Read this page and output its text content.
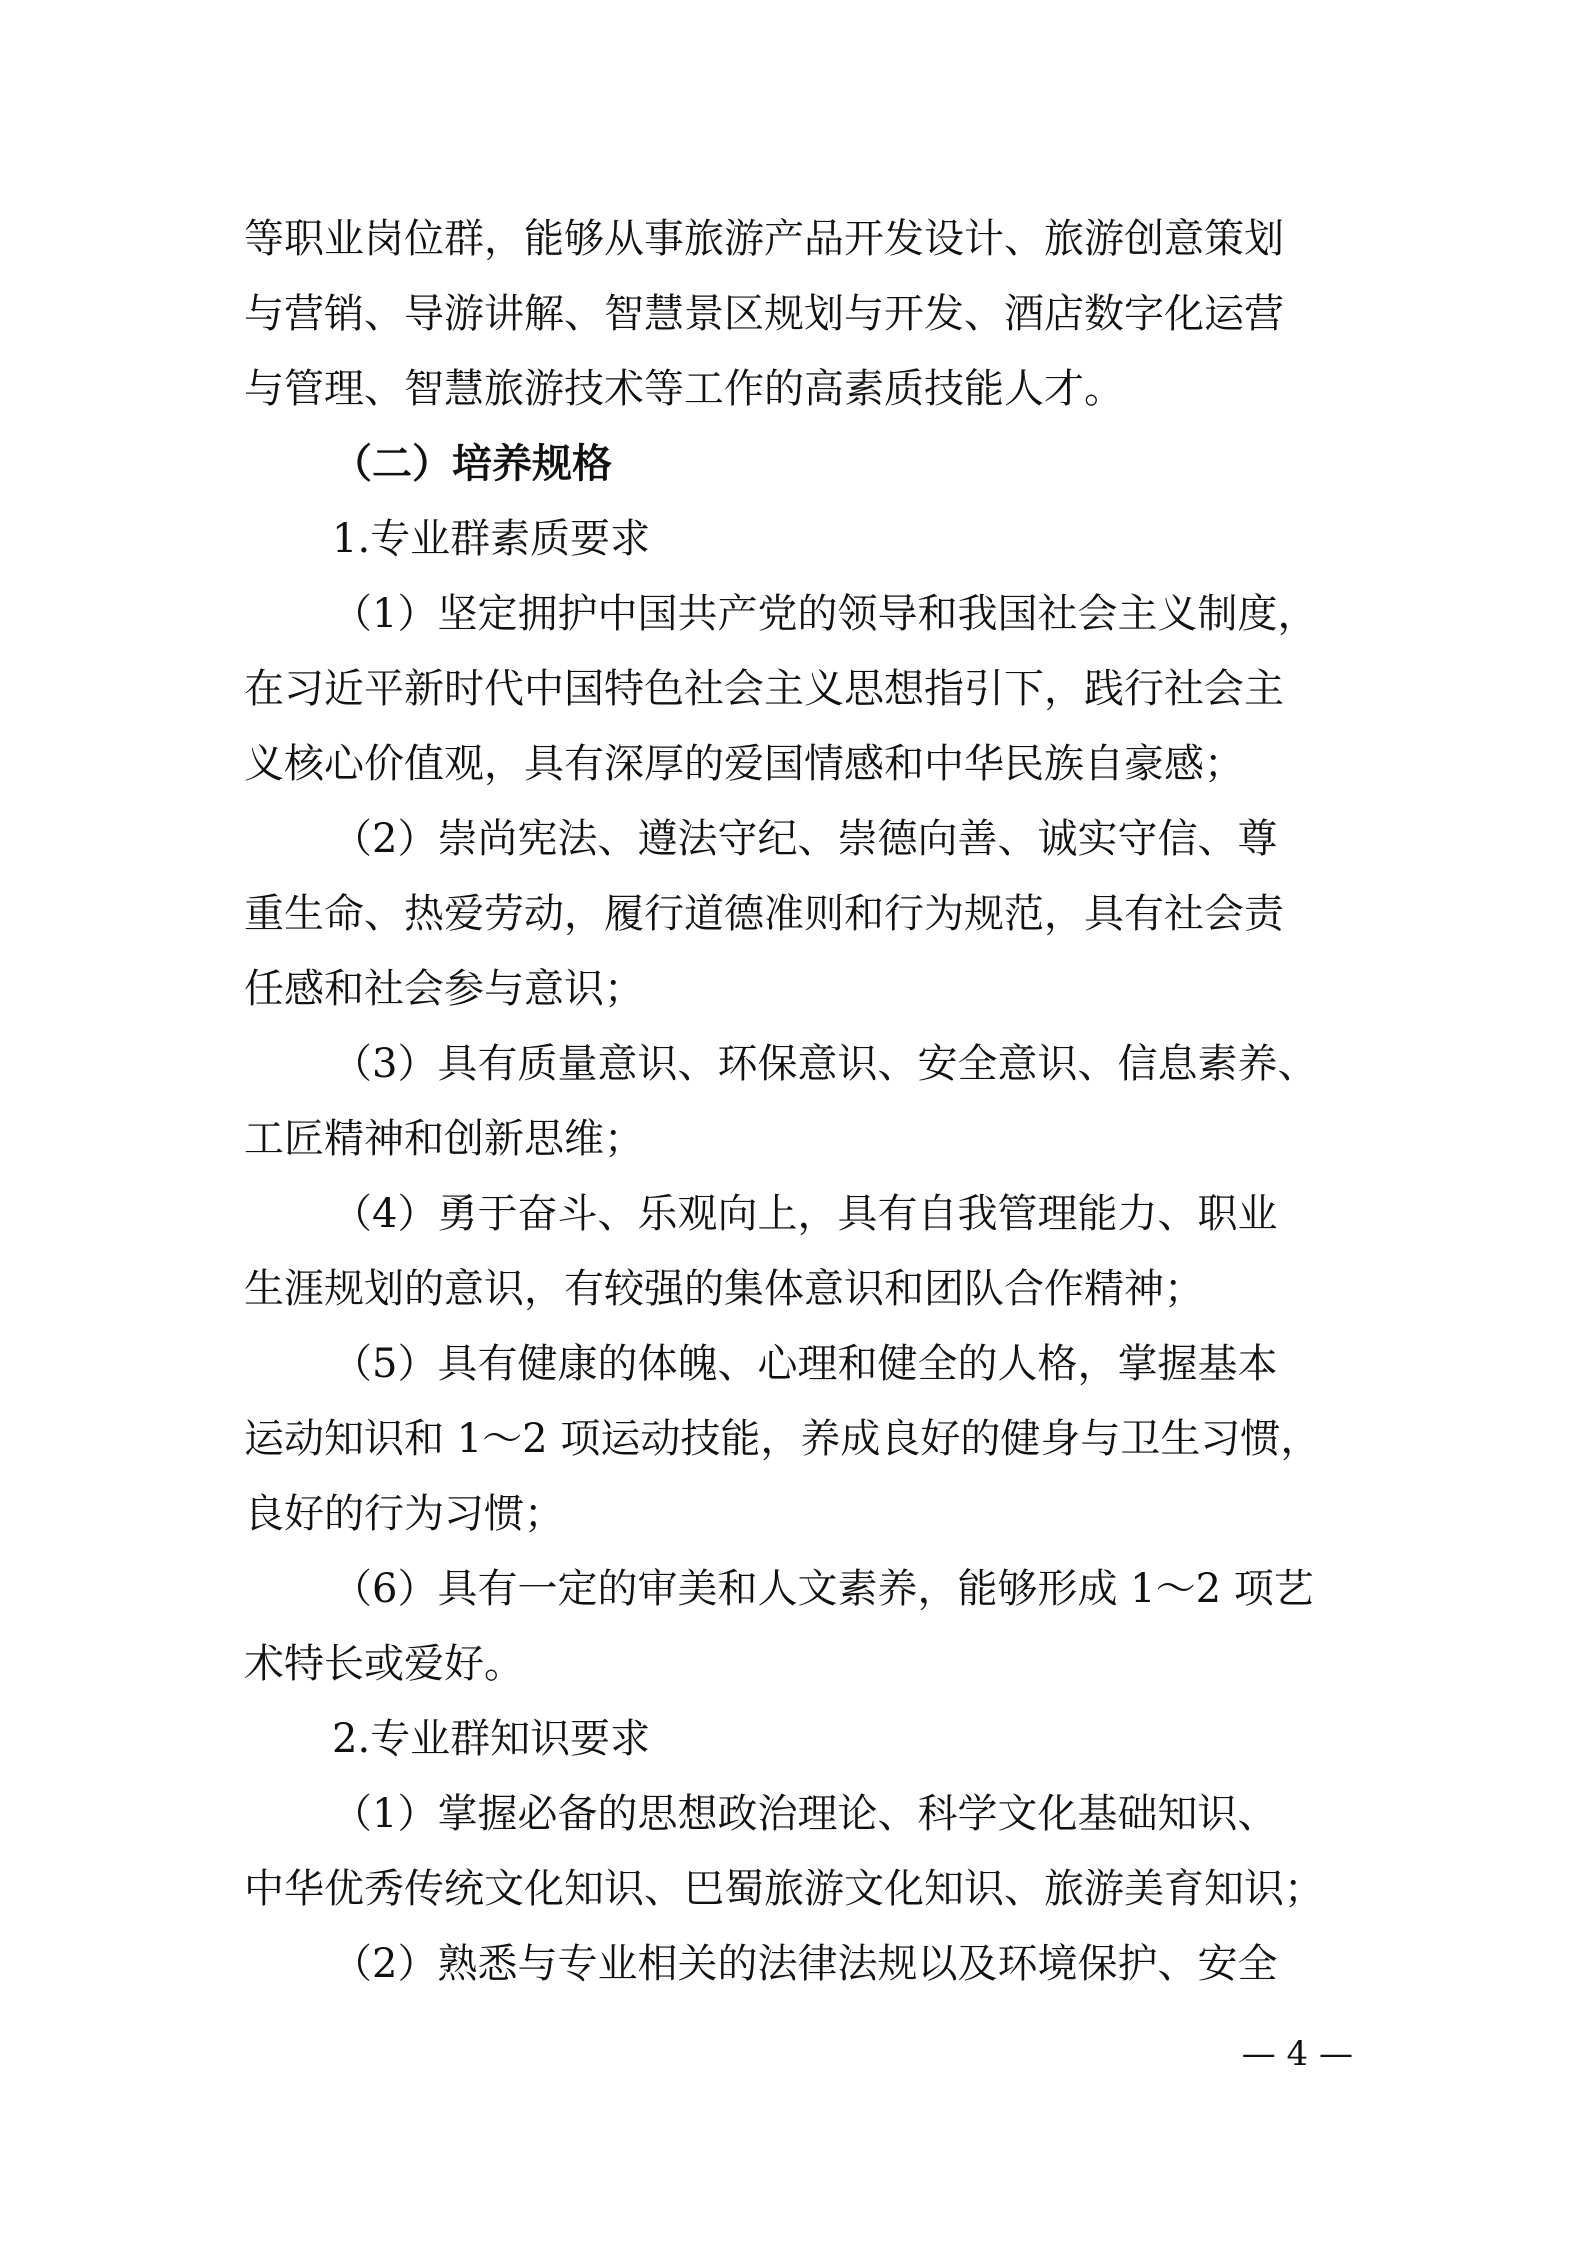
等职业岗位群，能够从事旅游产品开发设计、旅游创意策划
与营销、导游讲解、智慧景区规划与开发、酒店数字化运营
与管理、智慧旅游技术等工作的高素质技能人才。
（二）培养规格
1.专业群素质要求
（1）坚定拥护中国共产党的领导和我国社会主义制度，
在习近平新时代中国特色社会主义思想指引下，践行社会主
义核心价值观，具有深厚的爱国情感和中华民族自豪感；
（2）崇尚宪法、遵法守纪、崇德向善、诚实守信、尊
重生命、热爱劳动，履行道德准则和行为规范，具有社会责
任感和社会参与意识；
（3）具有质量意识、环保意识、安全意识、信息素养、
工匠精神和创新思维；
（4）勇于奋斗、乐观向上，具有自我管理能力、职业
生涯规划的意识，有较强的集体意识和团队合作精神；
（5）具有健康的体魄、心理和健全的人格，掌握基本
运动知识和 1～2 项运动技能，养成良好的健身与卫生习惯，
良好的行为习惯；
（6）具有一定的审美和人文素养，能够形成 1～2 项艺
术特长或爱好。
2.专业群知识要求
（1）掌握必备的思想政治理论、科学文化基础知识、
中华优秀传统文化知识、巴蜀旅游文化知识、旅游美育知识；
（2）熟悉与专业相关的法律法规以及环境保护、安全
— 4 —
